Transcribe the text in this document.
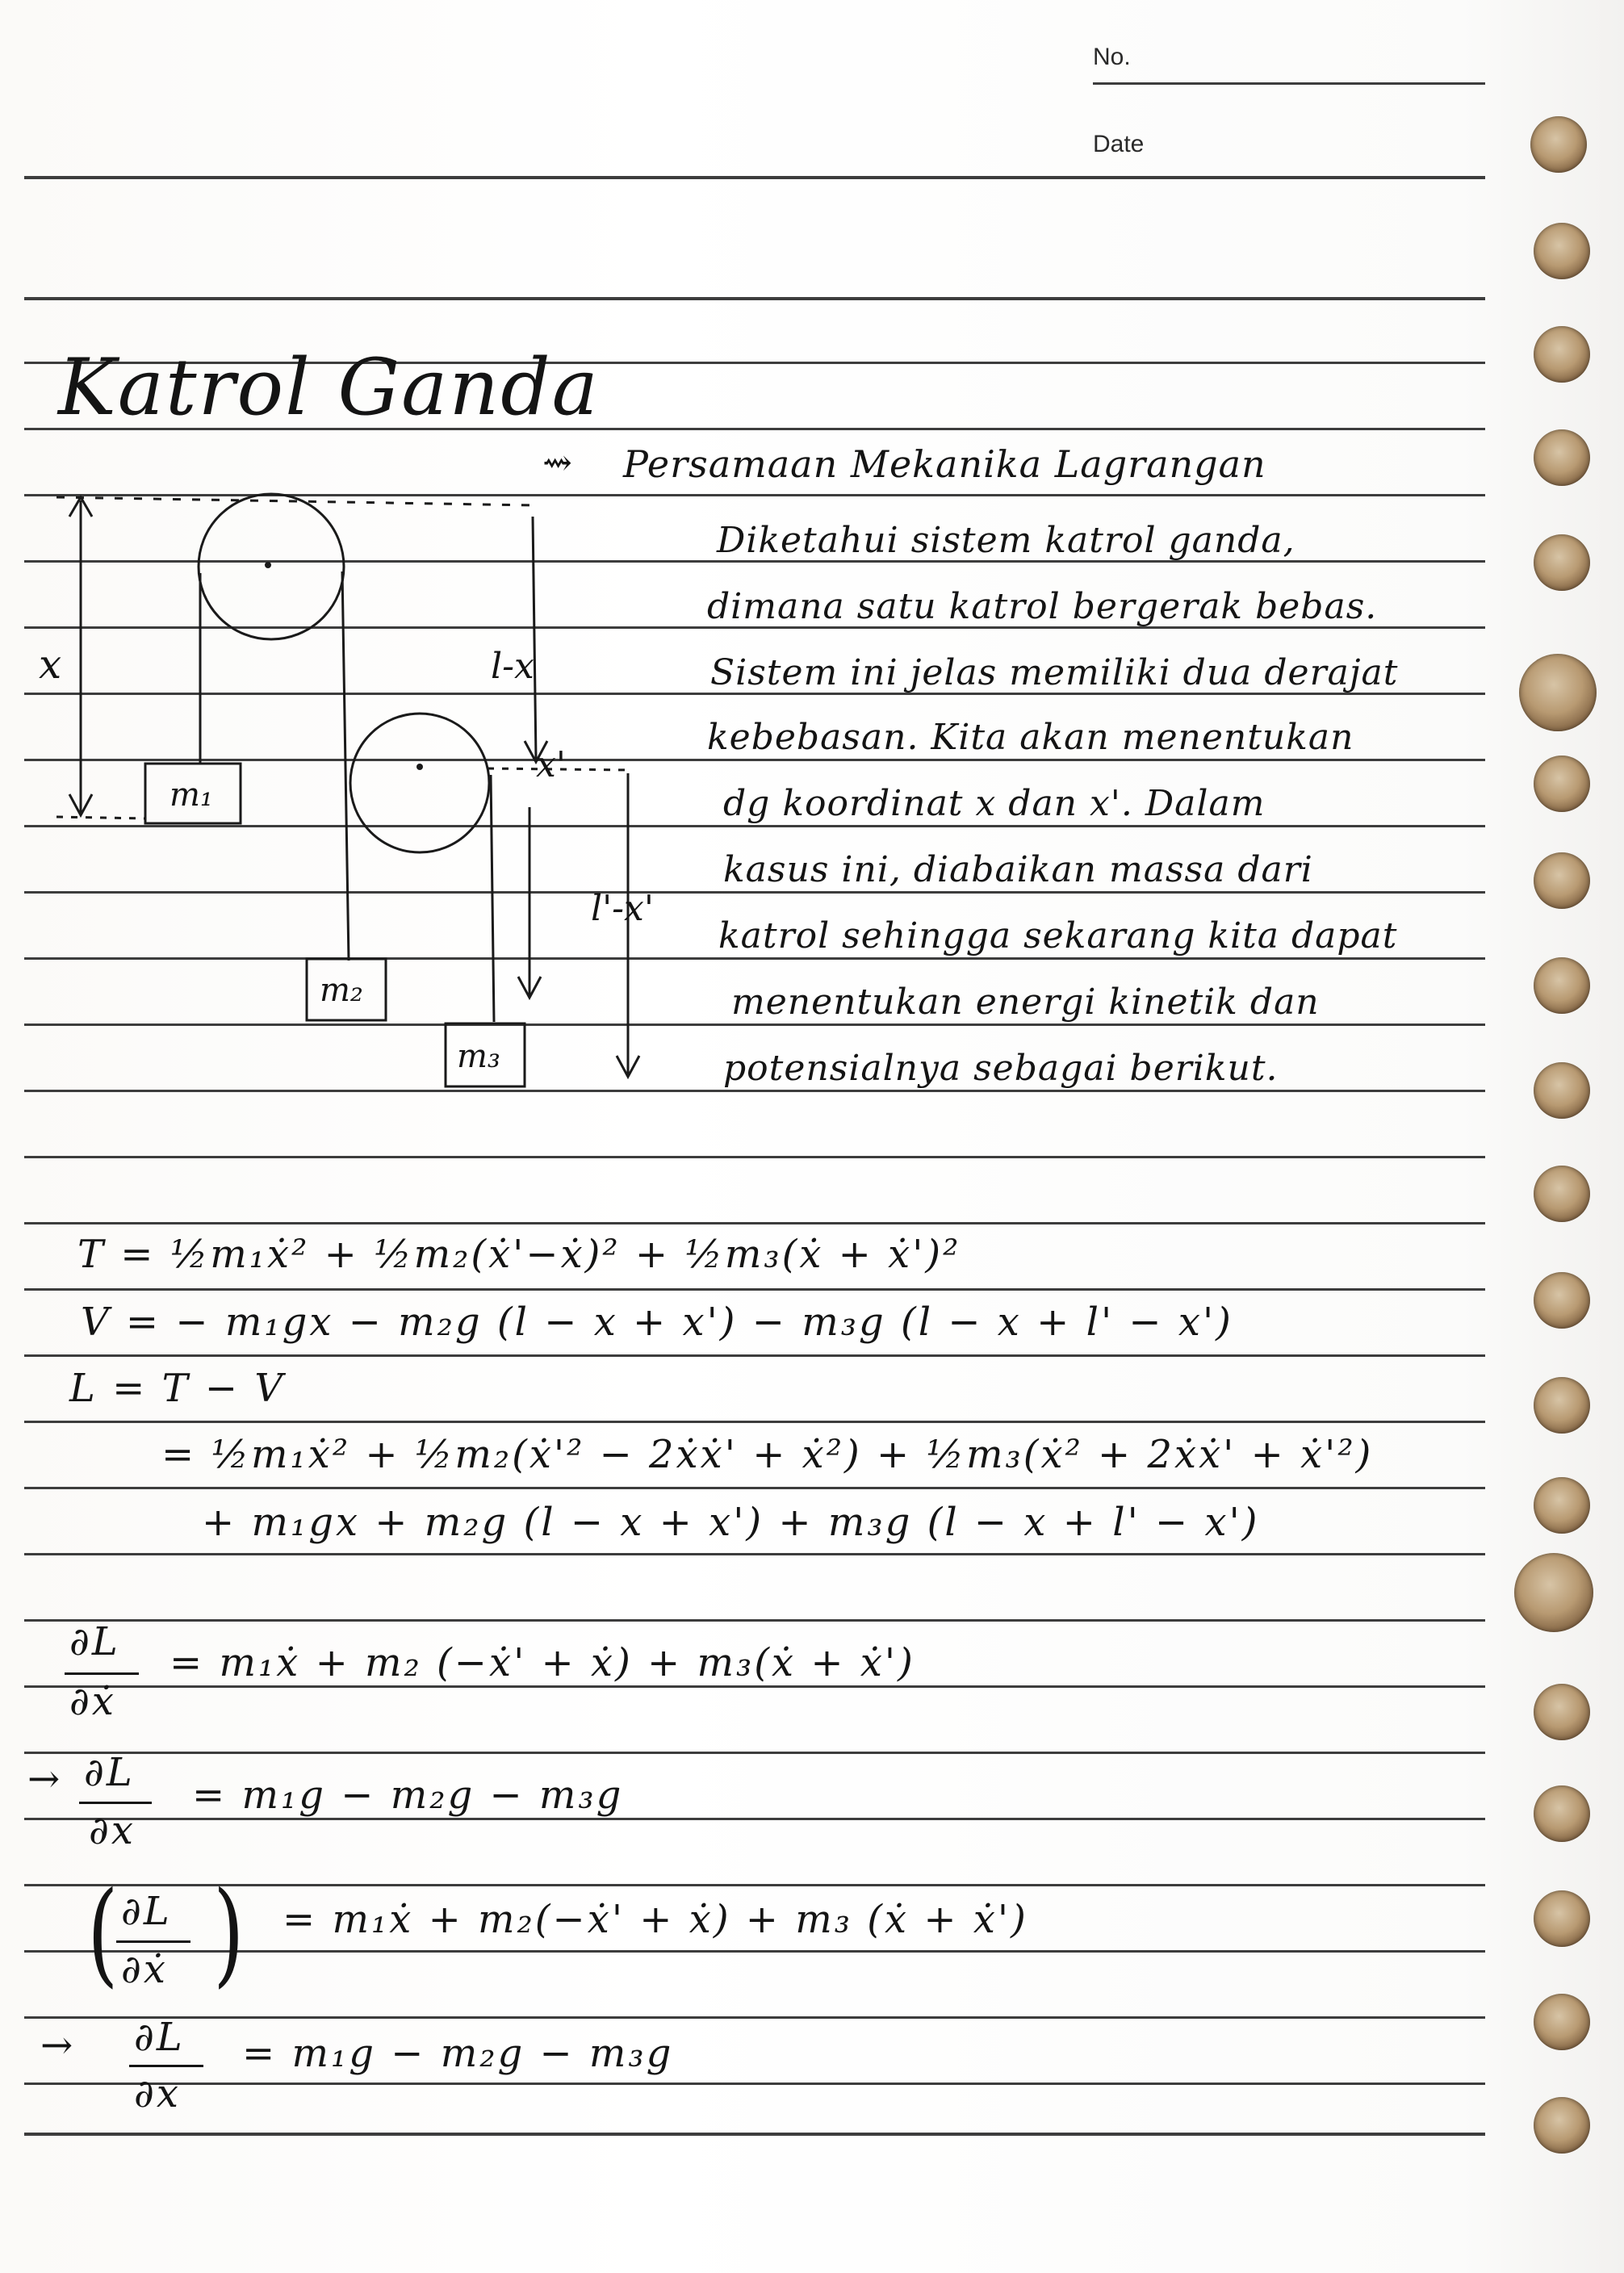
No.
Date
Katrol Ganda
⇝ Persamaan Mekanika Lagrangan
Diketahui sistem katrol ganda,
dimana satu katrol bergerak bebas.
Sistem ini jelas memiliki dua derajat
kebebasan. Kita akan menentukan
dg koordinat x dan x'. Dalam
kasus ini, diabaikan massa dari
katrol sehingga sekarang kita dapat
menentukan energi kinetik dan
potensialnya sebagai berikut.
x	l-x
x'
l'-x'
m₁
m₂
m₃
T = ½m₁ẋ² + ½m₂(ẋ'−ẋ)² + ½m₃(ẋ + ẋ')²
V = − m₁gx − m₂g (l − x + x') − m₃g (l − x + l' − x')
L = T − V
= ½m₁ẋ² + ½m₂(ẋ'² − 2ẋẋ' + ẋ²) + ½m₃(ẋ² + 2ẋẋ' + ẋ'²)
+ m₁gx + m₂g (l − x + x') + m₃g (l − x + l' − x')
∂L
∂ẋ
= m₁ẋ + m₂ (−ẋ' + ẋ) + m₃(ẋ + ẋ')
→ ∂L
∂x
= m₁g − m₂g − m₃g
( ∂L
∂ẋ ) = m₁ẋ + m₂(−ẋ' + ẋ) + m₃ (ẋ + ẋ')
→ ∂L
∂x
= m₁g − m₂g − m₃g
